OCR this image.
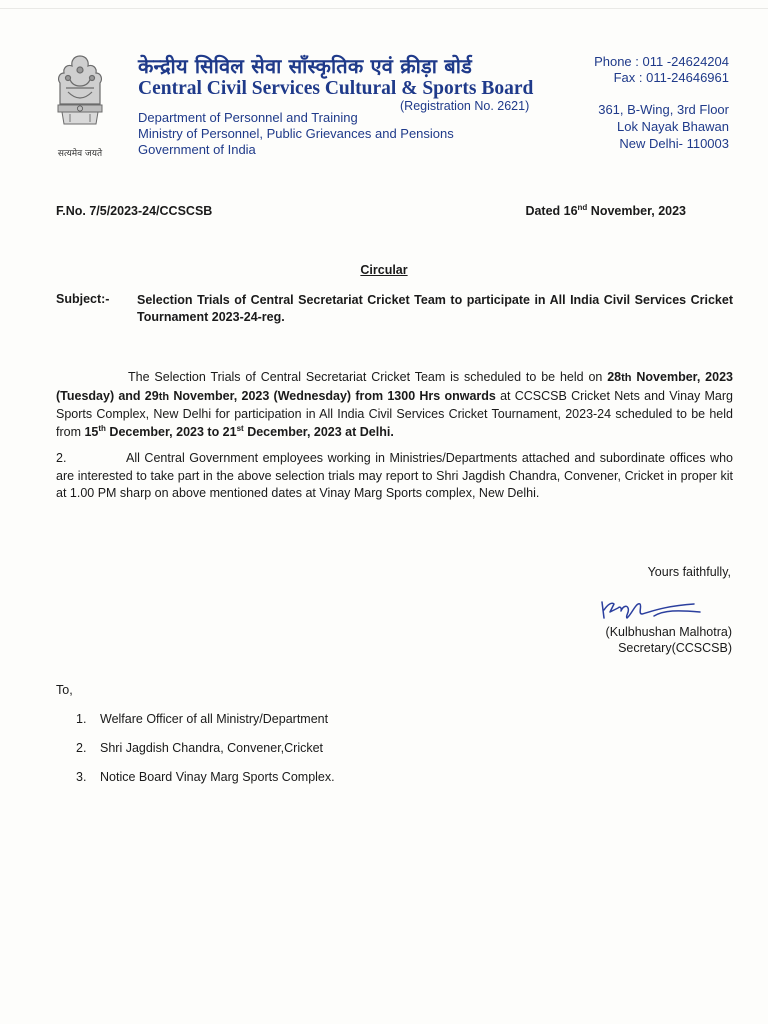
सत्यमेव जयते
केन्द्रीय सिविल सेवा सॉंस्कृतिक एवं क्रीड़ा बोर्ड
Central Civil Services Cultural & Sports Board
(Registration No. 2621)
Department of Personnel and Training
Ministry of Personnel, Public Grievances and Pensions
Government of India
Phone : 011 -24624204
Fax : 011-24646961
361, B-Wing, 3rd Floor
Lok Nayak Bhawan
New Delhi- 110003
F.No. 7/5/2023-24/CCSCSB	Dated 16nd November, 2023
Circular
Subject:- Selection Trials of Central Secretariat Cricket Team to participate in All India Civil Services Cricket Tournament 2023-24-reg.
The Selection Trials of Central Secretariat Cricket Team is scheduled to be held on 28th November, 2023 (Tuesday) and 29th November, 2023 (Wednesday) from 1300 Hrs onwards at CCSCSB Cricket Nets and Vinay Marg Sports Complex, New Delhi for participation in All India Civil Services Cricket Tournament, 2023-24 scheduled to be held from 15th December, 2023 to 21st December, 2023 at Delhi.
2.	All Central Government employees working in Ministries/Departments attached and subordinate offices who are interested to take part in the above selection trials may report to Shri Jagdish Chandra, Convener, Cricket in proper kit at 1.00 PM sharp on above mentioned dates at Vinay Marg Sports complex, New Delhi.
Yours faithfully,
(Kulbhushan Malhotra)
Secretary(CCSCSB)
To,
1. Welfare Officer of all Ministry/Department
2. Shri Jagdish Chandra, Convener,Cricket
3. Notice Board Vinay Marg Sports Complex.
